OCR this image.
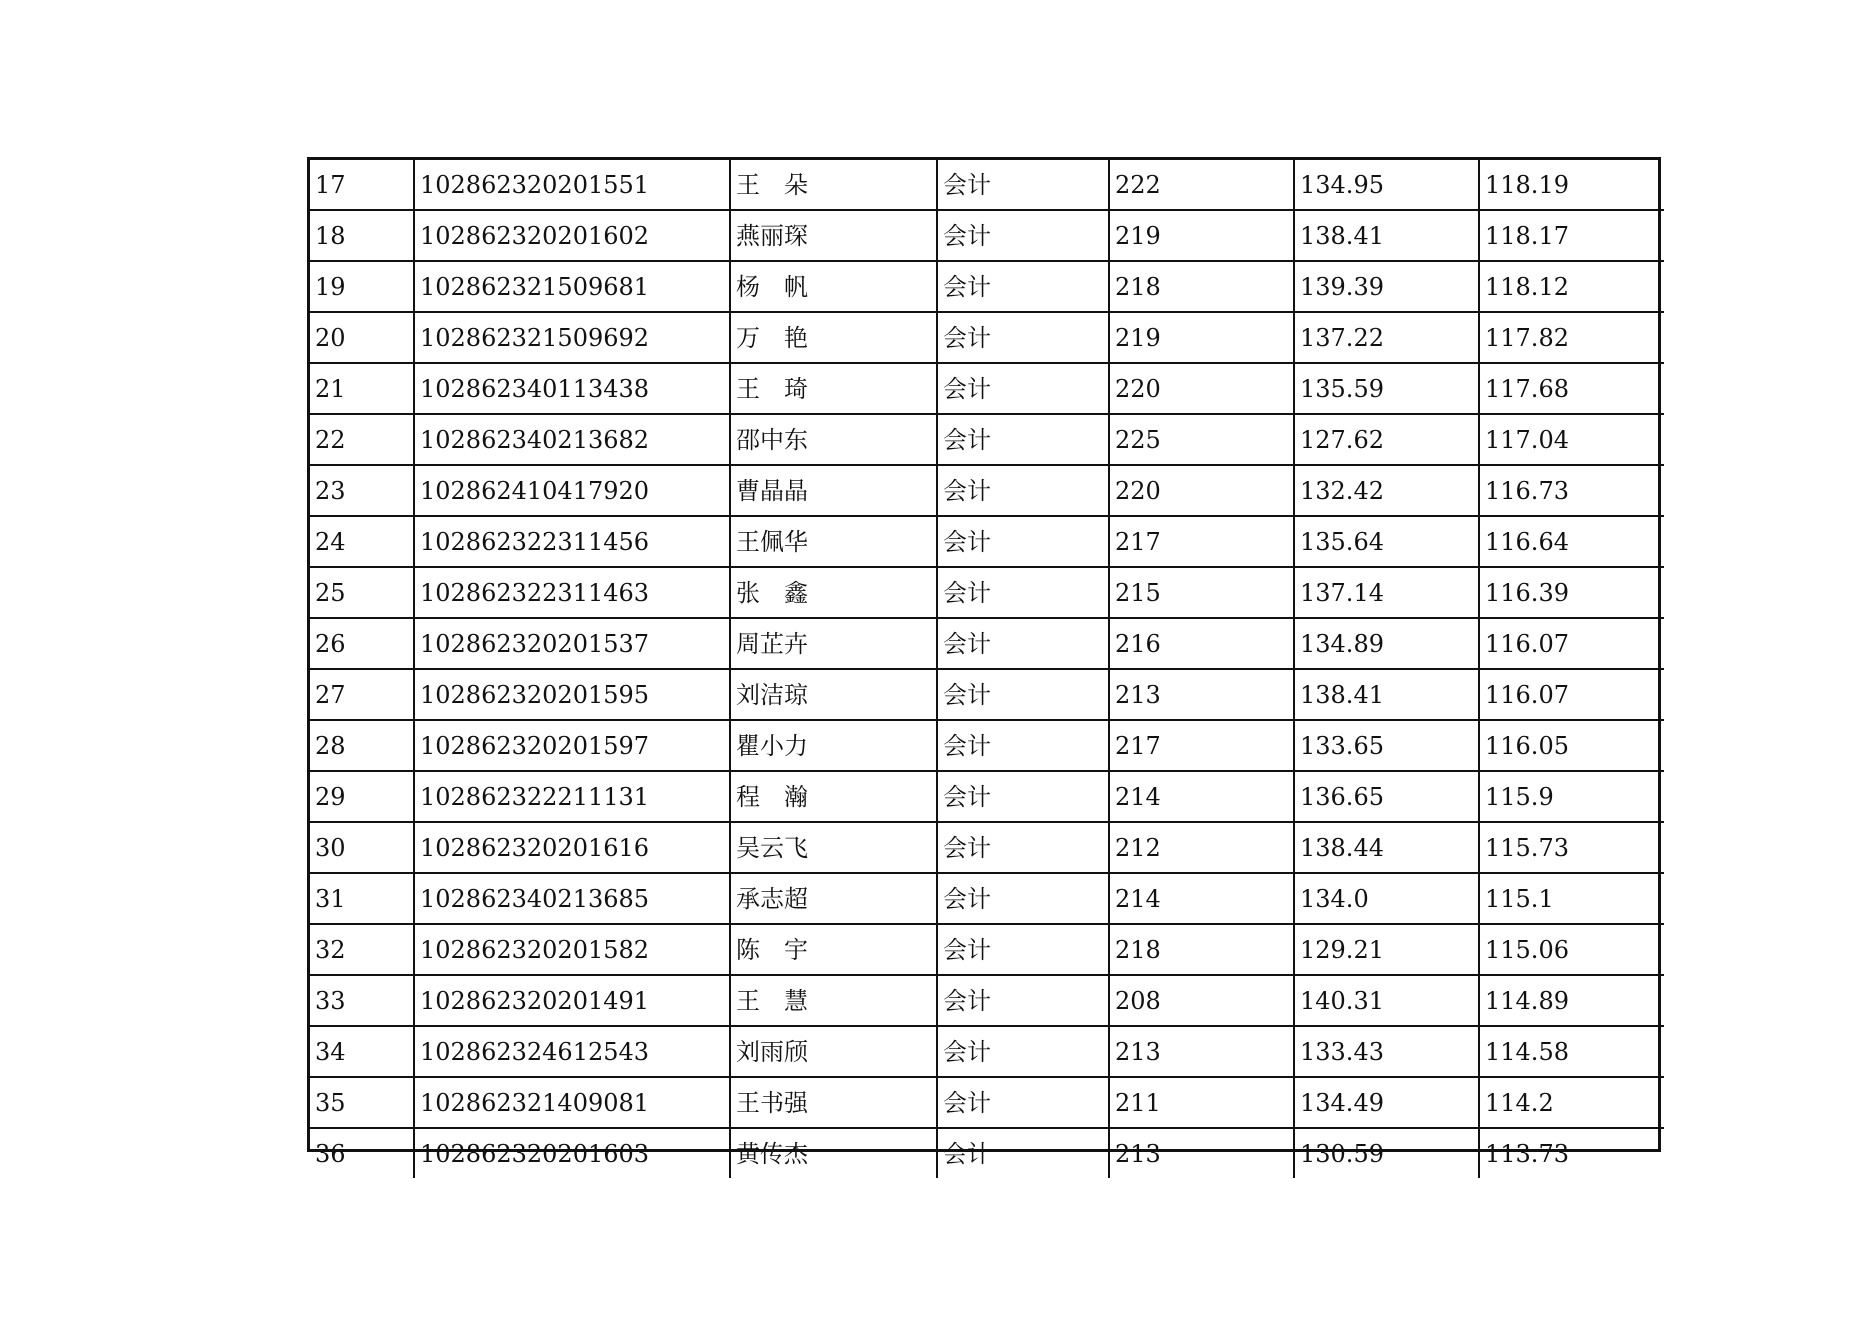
17	102862320201551	王　朵	会计	222	134.95	118.19
18	102862320201602	燕丽琛	会计	219	138.41	118.17
19	102862321509681	杨　帆	会计	218	139.39	118.12
20	102862321509692	万　艳	会计	219	137.22	117.82
21	102862340113438	王　琦	会计	220	135.59	117.68
22	102862340213682	邵中东	会计	225	127.62	117.04
23	102862410417920	曹晶晶	会计	220	132.42	116.73
24	102862322311456	王佩华	会计	217	135.64	116.64
25	102862322311463	张　鑫	会计	215	137.14	116.39
26	102862320201537	周芷卉	会计	216	134.89	116.07
27	102862320201595	刘洁琼	会计	213	138.41	116.07
28	102862320201597	瞿小力	会计	217	133.65	116.05
29	102862322211131	程　瀚	会计	214	136.65	115.9
30	102862320201616	吴云飞	会计	212	138.44	115.73
31	102862340213685	承志超	会计	214	134.0	115.1
32	102862320201582	陈　宇	会计	218	129.21	115.06
33	102862320201491	王　慧	会计	208	140.31	114.89
34	102862324612543	刘雨颀	会计	213	133.43	114.58
35	102862321409081	王书强	会计	211	134.49	114.2
36	102862320201603	黄传杰	会计	213	130.59	113.73
